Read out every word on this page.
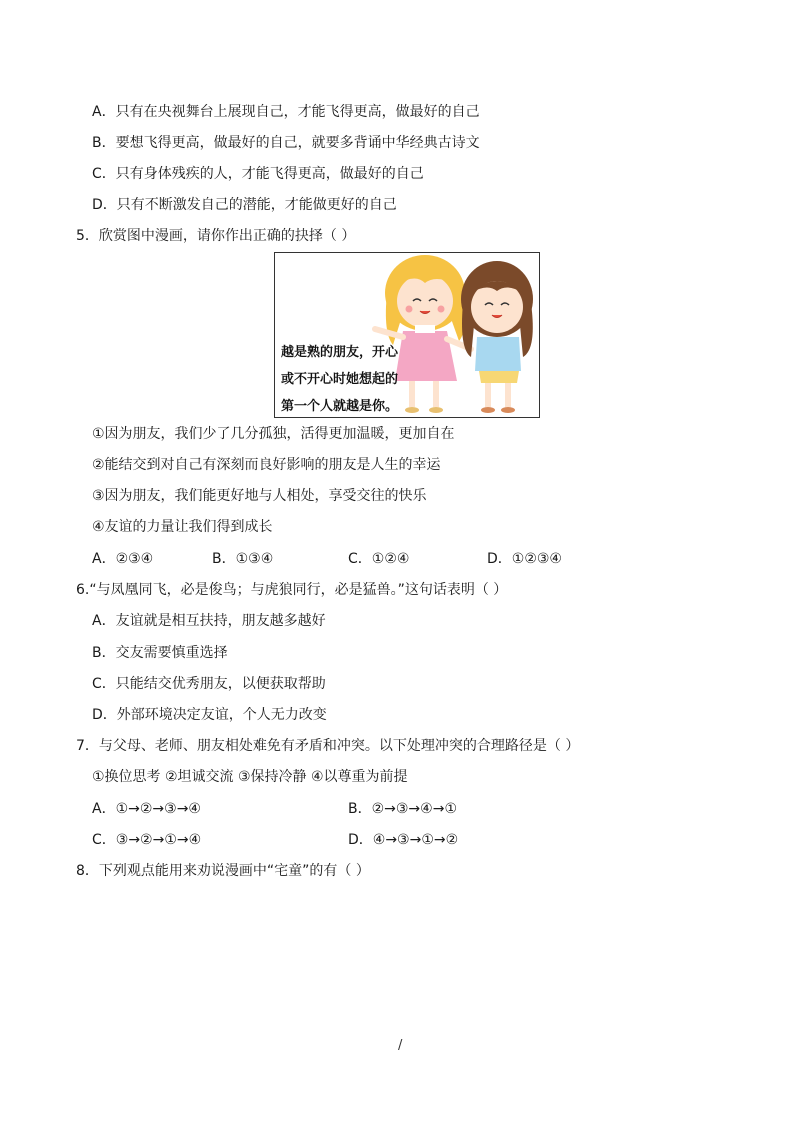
A．只有在央视舞台上展现自己，才能飞得更高，做最好的自己
B．要想飞得更高，做最好的自己，就要多背诵中华经典古诗文
C．只有身体残疾的人，才能飞得更高，做最好的自己
D．只有不断激发自己的潜能，才能做更好的自己
5．欣赏图中漫画，请你作出正确的抉择（ ）
越是熟的朋友，开心
或不开心时她想起的
第一个人就越是你。
①因为朋友，我们少了几分孤独，活得更加温暖，更加自在
②能结交到对自己有深刻而良好影响的朋友是人生的幸运
③因为朋友，我们能更好地与人相处，享受交往的快乐
④友谊的力量让我们得到成长
A．②③④	B．①③④	C．①②④	D．①②③④
6.“与凤凰同飞，必是俊鸟；与虎狼同行，必是猛兽。”这句话表明（ ）
A．友谊就是相互扶持，朋友越多越好
B．交友需要慎重选择
C．只能结交优秀朋友，以便获取帮助
D．外部环境决定友谊，个人无力改变
7．与父母、老师、朋友相处难免有矛盾和冲突。以下处理冲突的合理路径是（ ）
①换位思考 ②坦诚交流 ③保持冷静 ④以尊重为前提
A．①→②→③→④	B．②→③→④→①
C．③→②→①→④	D．④→③→①→②
8．下列观点能用来劝说漫画中“宅童”的有（ ）
/
